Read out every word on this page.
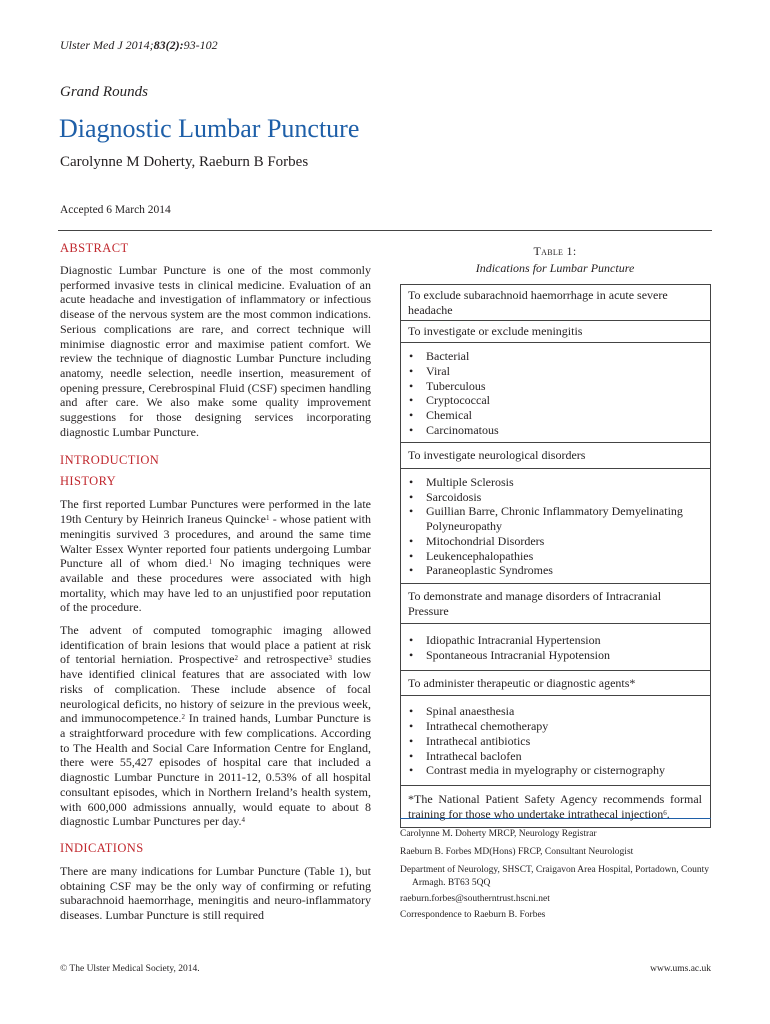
Ulster Med J 2014;83(2):93-102
Grand Rounds
Diagnostic Lumbar Puncture
Carolynne M Doherty, Raeburn B Forbes
Accepted 6 March 2014
ABSTRACT

Diagnostic Lumbar Puncture is one of the most commonly performed invasive tests in clinical medicine. Evaluation of an acute headache and investigation of inflammatory or infectious disease of the nervous system are the most common indications. Serious complications are rare, and correct technique will minimise diagnostic error and maximise patient comfort. We review the technique of diagnostic Lumbar Puncture including anatomy, needle selection, needle insertion, measurement of opening pressure, Cerebrospinal Fluid (CSF) specimen handling and after care. We also make some quality improvement suggestions for those designing services incorporating diagnostic Lumbar Puncture.

INTRODUCTION
HISTORY

The first reported Lumbar Punctures were performed in the late 19th Century by Heinrich Iraneus Quincke$^1$ - whose patient with meningitis survived 3 procedures, and around the same time Walter Essex Wynter reported four patients undergoing Lumbar Puncture all of whom died.$^1$ No imaging techniques were available and these procedures were associated with high mortality, which may have led to an unjustified poor reputation of the procedure.

The advent of computed tomographic imaging allowed identification of brain lesions that would place a patient at risk of tentorial herniation. Prospective$^2$ and retrospective$^3$ studies have identified clinical features that are associated with low risks of complication. These include absence of focal neurological deficits, no history of seizure in the previous week, and immunocompetence.$^2$ In trained hands, Lumbar Puncture is a straightforward procedure with few complications. According to The Health and Social Care Information Centre for England, there were 55,427 episodes of hospital care that included a diagnostic Lumbar Puncture in 2011-12, 0.53% of all hospital consultant episodes, which in Northern Ireland’s health system, with 600,000 admissions annually, would equate to about 8 diagnostic Lumbar Punctures per day.$^4$

INDICATIONS

There are many indications for Lumbar Puncture (Table 1), but obtaining CSF may be the only way of confirming or refuting subarachnoid haemorrhage, meningitis and neuro-inflammatory diseases. Lumbar Puncture is still required

Table 1:
Indications for Lumbar Puncture
To exclude subarachnoid haemorrhage in acute severe headache
To investigate or exclude meningitis
• Bacterial
• Viral
• Tuberculous
• Cryptococcal
• Chemical
• Carcinomatous
To investigate neurological disorders
• Multiple Sclerosis
• Sarcoidosis
• Guillian Barre, Chronic Inflammatory Demyelinating Polyneuropathy
• Mitochondrial Disorders
• Leukencephalopathies
• Paraneoplastic Syndromes
To demonstrate and manage disorders of Intracranial Pressure
• Idiopathic Intracranial Hypertension
• Spontaneous Intracranial Hypotension
To administer therapeutic or diagnostic agents*
• Spinal anaesthesia
• Intrathecal chemotherapy
• Intrathecal antibiotics
• Intrathecal baclofen
• Contrast media in myelography or cisternography
*The National Patient Safety Agency recommends formal training for those who undertake intrathecal injection$^6$.
Carolynne M. Doherty MRCP, Neurology Registrar
Raeburn B. Forbes MD(Hons) FRCP, Consultant Neurologist
Department of Neurology, SHSCT, Craigavon Area Hospital, Portadown, County Armagh. BT63 5QQ
raeburn.forbes@southerntrust.hscni.net
Correspondence to Raeburn B. Forbes
© The Ulster Medical Society, 2014.	www.ums.ac.uk
